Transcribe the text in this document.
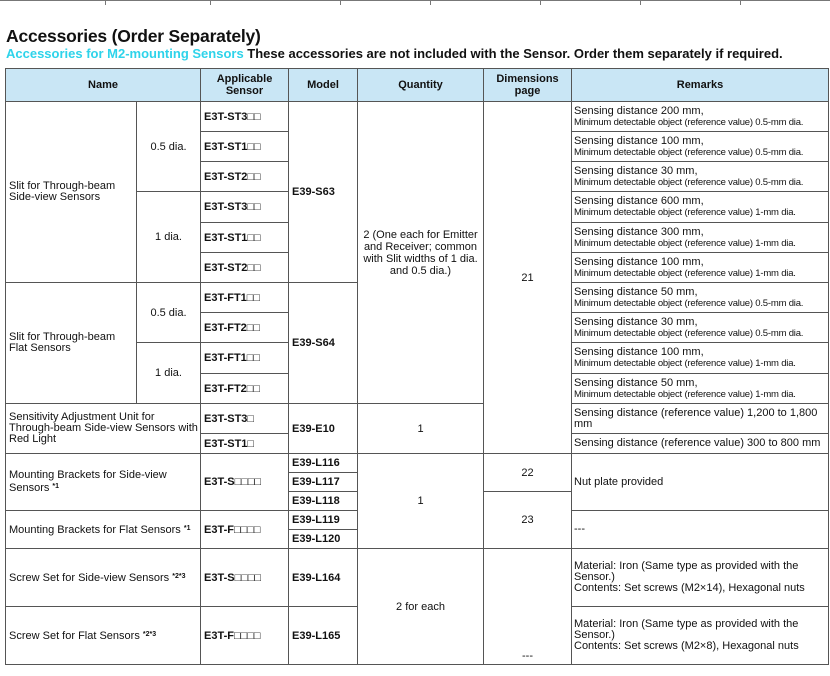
Accessories (Order Separately)
Accessories for M2-mounting Sensors These accessories are not included with the Sensor. Order them separately if required.
Name		Applicable Sensor	Model	Quantity	Dimensions page	Remarks
Slit for Through-beam Side-view Sensors	0.5 dia.	E3T-ST3□□	E39-S63	2 (One each for Emitter and Receiver; common with Slit widths of 1 dia. and 0.5 dia.)	21	Sensing distance 200 mm,
Minimum detectable object (reference value) 0.5-mm dia.

		E3T-ST1□□				Sensing distance 100 mm,
Minimum detectable object (reference value) 0.5-mm dia.

		E3T-ST2□□				Sensing distance 30 mm,
Minimum detectable object (reference value) 0.5-mm dia.

	1 dia.	E3T-ST3□□				Sensing distance 600 mm,
Minimum detectable object (reference value) 1-mm dia.

		E3T-ST1□□				Sensing distance 300 mm,
Minimum detectable object (reference value) 1-mm dia.

		E3T-ST2□□				Sensing distance 100 mm,
Minimum detectable object (reference value) 1-mm dia.

Slit for Through-beam Flat Sensors	0.5 dia.	E3T-FT1□□	E39-S64			Sensing distance 50 mm,
Minimum detectable object (reference value) 0.5-mm dia.

		E3T-FT2□□				Sensing distance 30 mm,
Minimum detectable object (reference value) 0.5-mm dia.

	1 dia.	E3T-FT1□□				Sensing distance 100 mm,
Minimum detectable object (reference value) 1-mm dia.

		E3T-FT2□□				Sensing distance 50 mm,
Minimum detectable object (reference value) 1-mm dia.

Sensitivity Adjustment Unit for Through-beam Side-view Sensors with Red Light		E3T-ST3□	E39-E10	1		Sensing distance (reference value) 1,200 to 1,800 mm
		E3T-ST1□				Sensing distance (reference value) 300 to 800 mm
Mounting Brackets for Side-view Sensors $^{*1}$		E3T-S□□□□	E39-L116	1	22	Nut plate provided
			E39-L117			
			E39-L118		23	
Mounting Brackets for Flat Sensors $^{*1}$		E3T-F□□□□	E39-L119			---
			E39-L120			
Screw Set for Side-view Sensors $^{*2*3}$		E3T-S□□□□	E39-L164	2 for each	---	Material: Iron (Same type as provided with the Sensor.)
Contents: Set screws (M2×14), Hexagonal nuts

Screw Set for Flat Sensors $^{*2*3}$		E3T-F□□□□	E39-L165			Material: Iron (Same type as provided with the Sensor.)
Contents: Set screws (M2×8), Hexagonal nuts
